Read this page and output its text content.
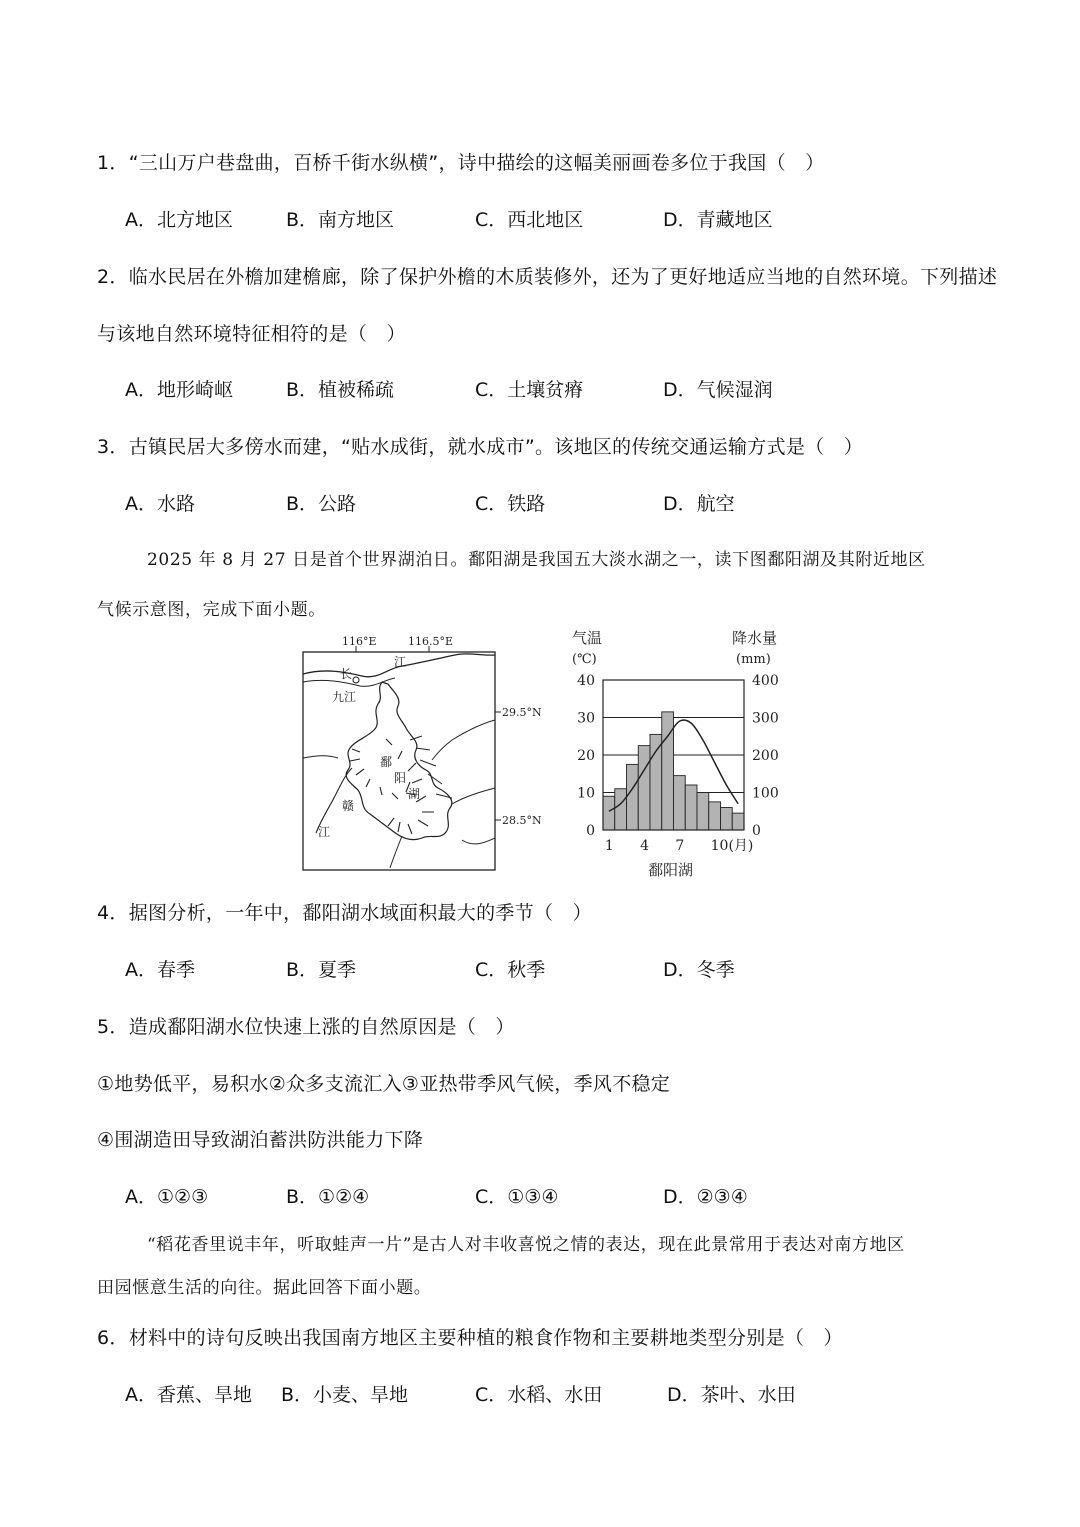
1．“三山万户巷盘曲，百桥千街水纵横”，诗中描绘的这幅美丽画卷多位于我国（　）
A．北方地区	B．南方地区	C．西北地区	D．青藏地区
2．临水民居在外檐加建檐廊，除了保护外檐的木质装修外，还为了更好地适应当地的自然环境。下列描述
与该地自然环境特征相符的是（　）
A．地形崎岖	B．植被稀疏	C．土壤贫瘠	D．气候湿润
3．古镇民居大多傍水而建，“贴水成街，就水成市”。该地区的传统交通运输方式是（　）
A．水路	B．公路	C．铁路	D．航空
2025 年 8 月 27 日是首个世界湖泊日。鄱阳湖是我国五大淡水湖之一，读下图鄱阳湖及其附近地区
气候示意图，完成下面小题。
116°E	116.5°E
29.5°N
28.5°N
长
江
九江
鄱
阳
湖
赣
江
气温
(℃)
降水量
(mm)
40
30
20
10
0
400
300
200
100
0
1 4 7 10(月)
鄱阳湖
4．据图分析，一年中，鄱阳湖水域面积最大的季节（　）
A．春季	B．夏季	C．秋季	D．冬季
5．造成鄱阳湖水位快速上涨的自然原因是（　）
①地势低平，易积水②众多支流汇入③亚热带季风气候，季风不稳定
④围湖造田导致湖泊蓄洪防洪能力下降
A．①②③	B．①②④	C．①③④	D．②③④
“稻花香里说丰年，听取蛙声一片”是古人对丰收喜悦之情的表达，现在此景常用于表达对南方地区
田园惬意生活的向往。据此回答下面小题。
6．材料中的诗句反映出我国南方地区主要种植的粮食作物和主要耕地类型分别是（　）
A．香蕉、旱地 B．小麦、旱地	C．水稻、水田	D．茶叶、水田
